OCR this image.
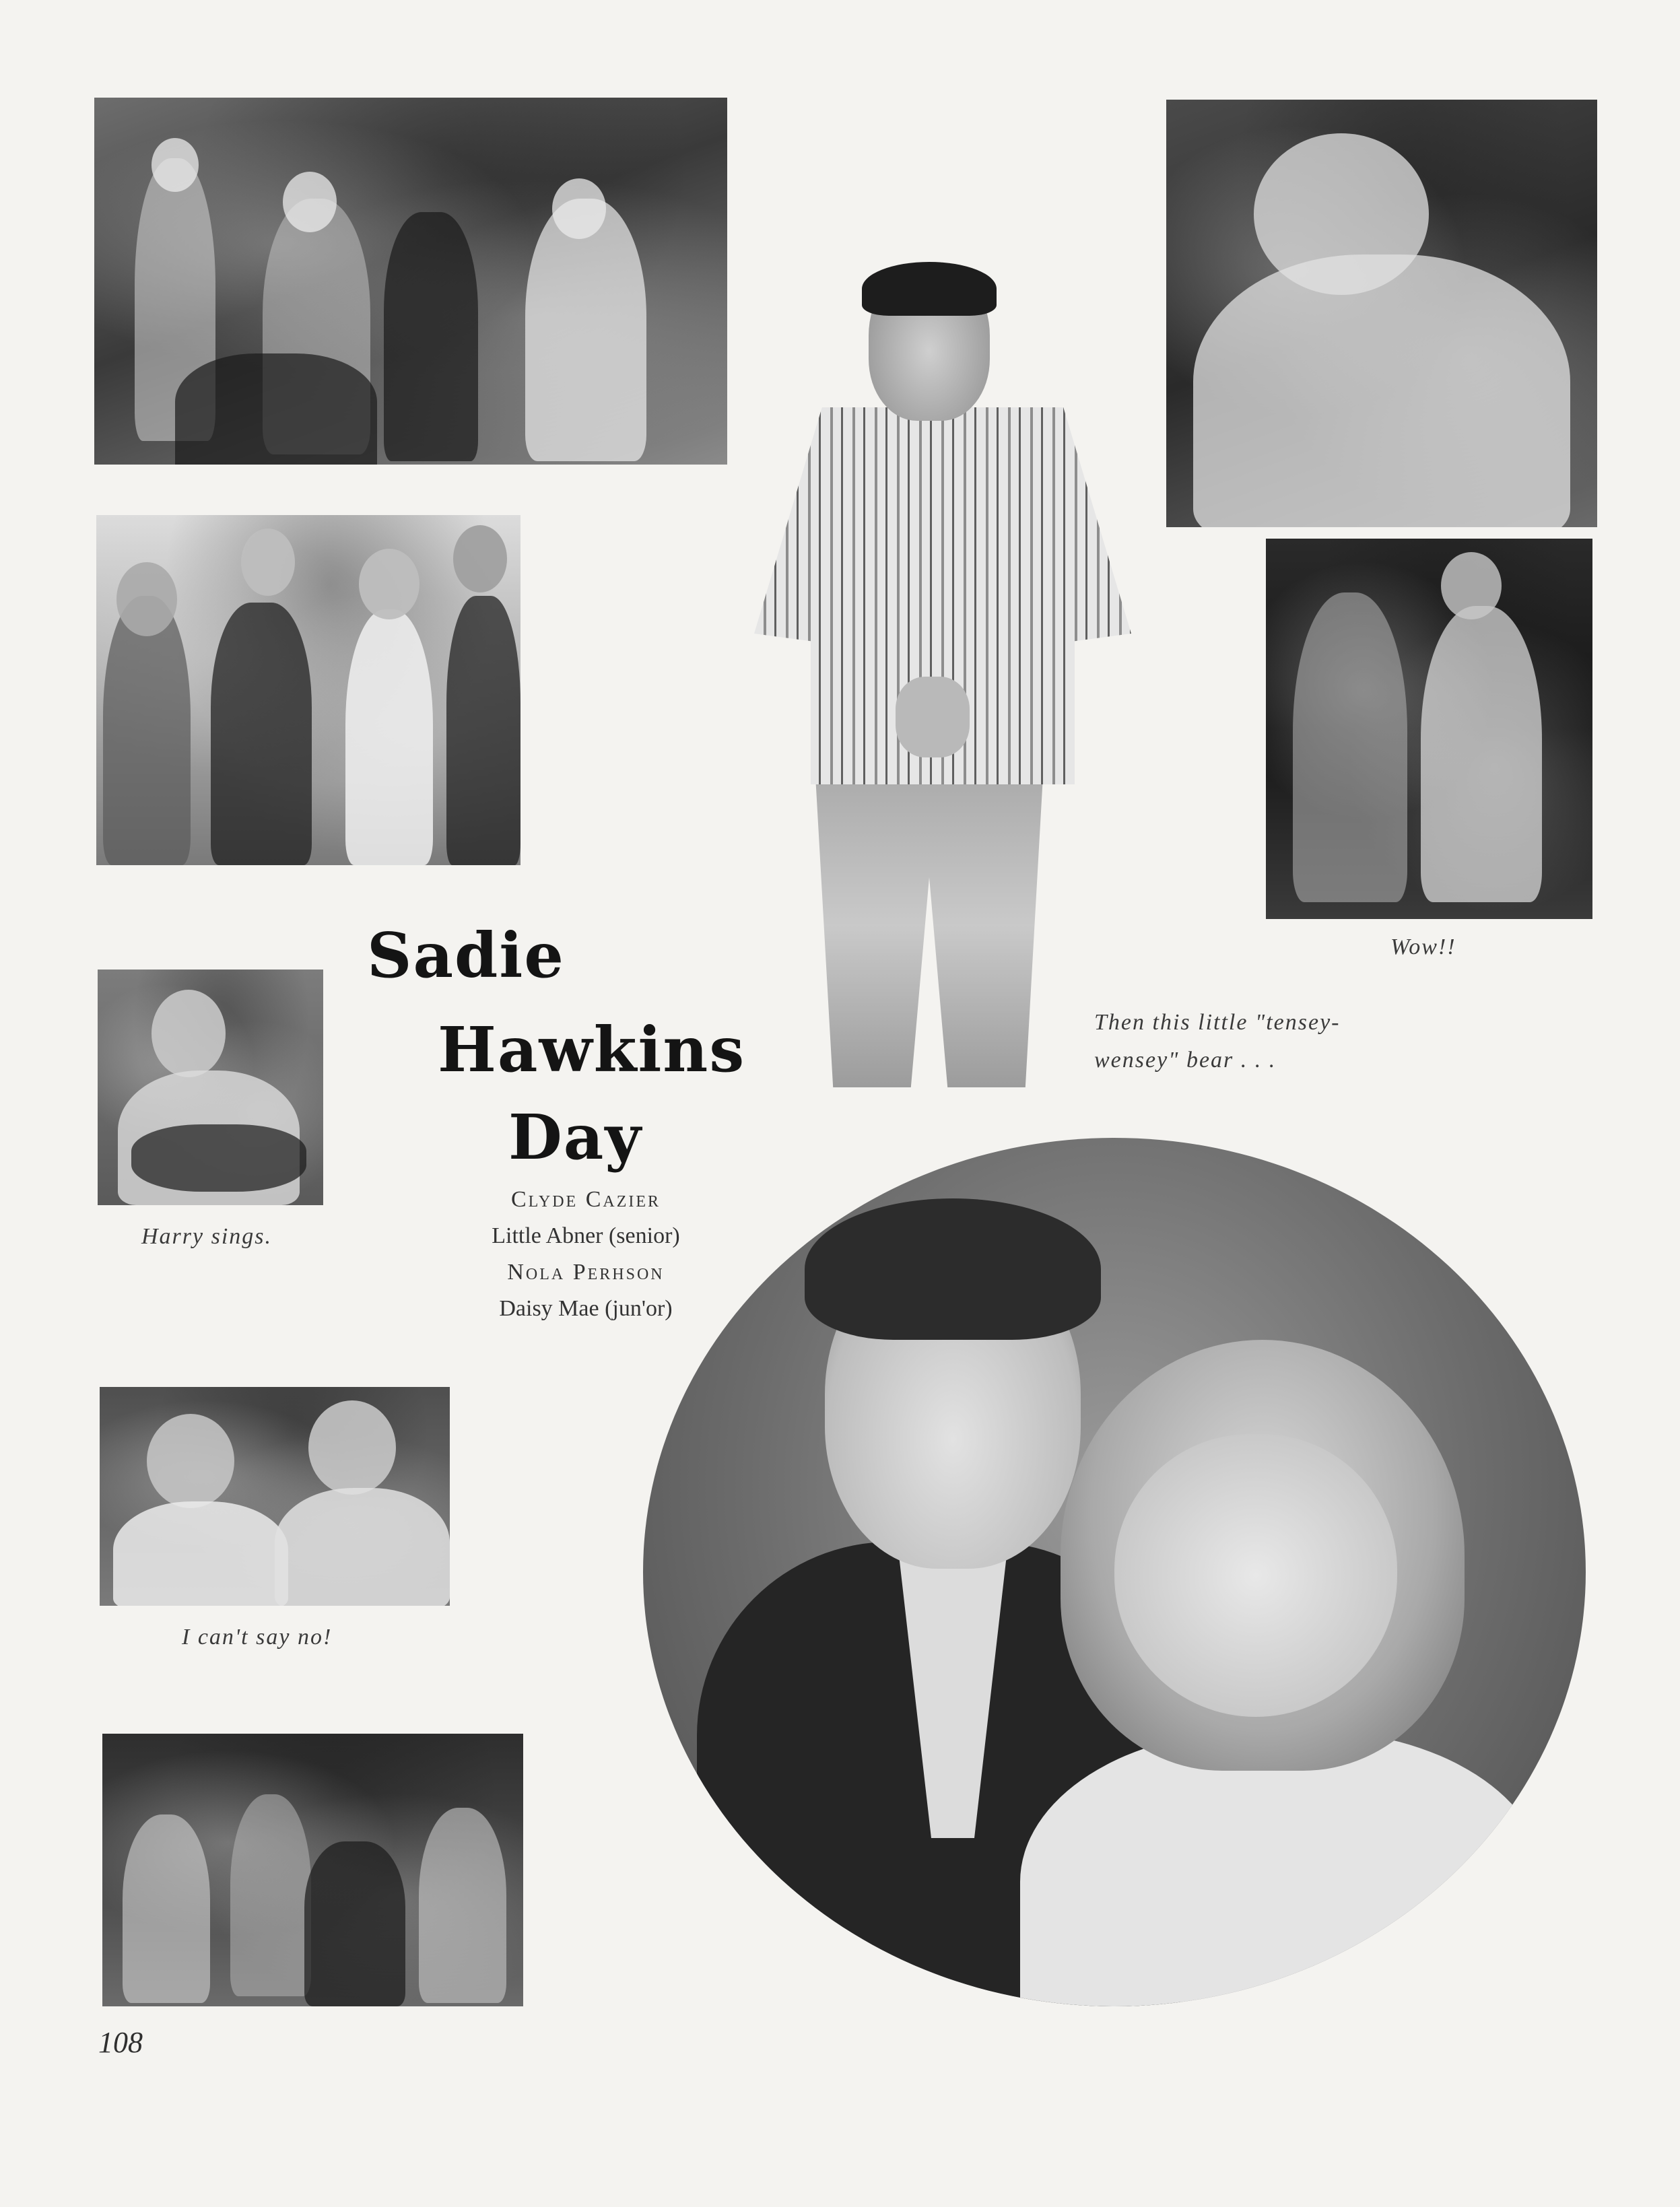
Wow!!
Harry sings.
Sadie
Hawkins
Day
Clyde Cazier
Little Abner (senior)
Nola Perhson
Daisy Mae (jun'or)
Then this little "tensey-
wensey" bear . . .
I can't say no!
108
